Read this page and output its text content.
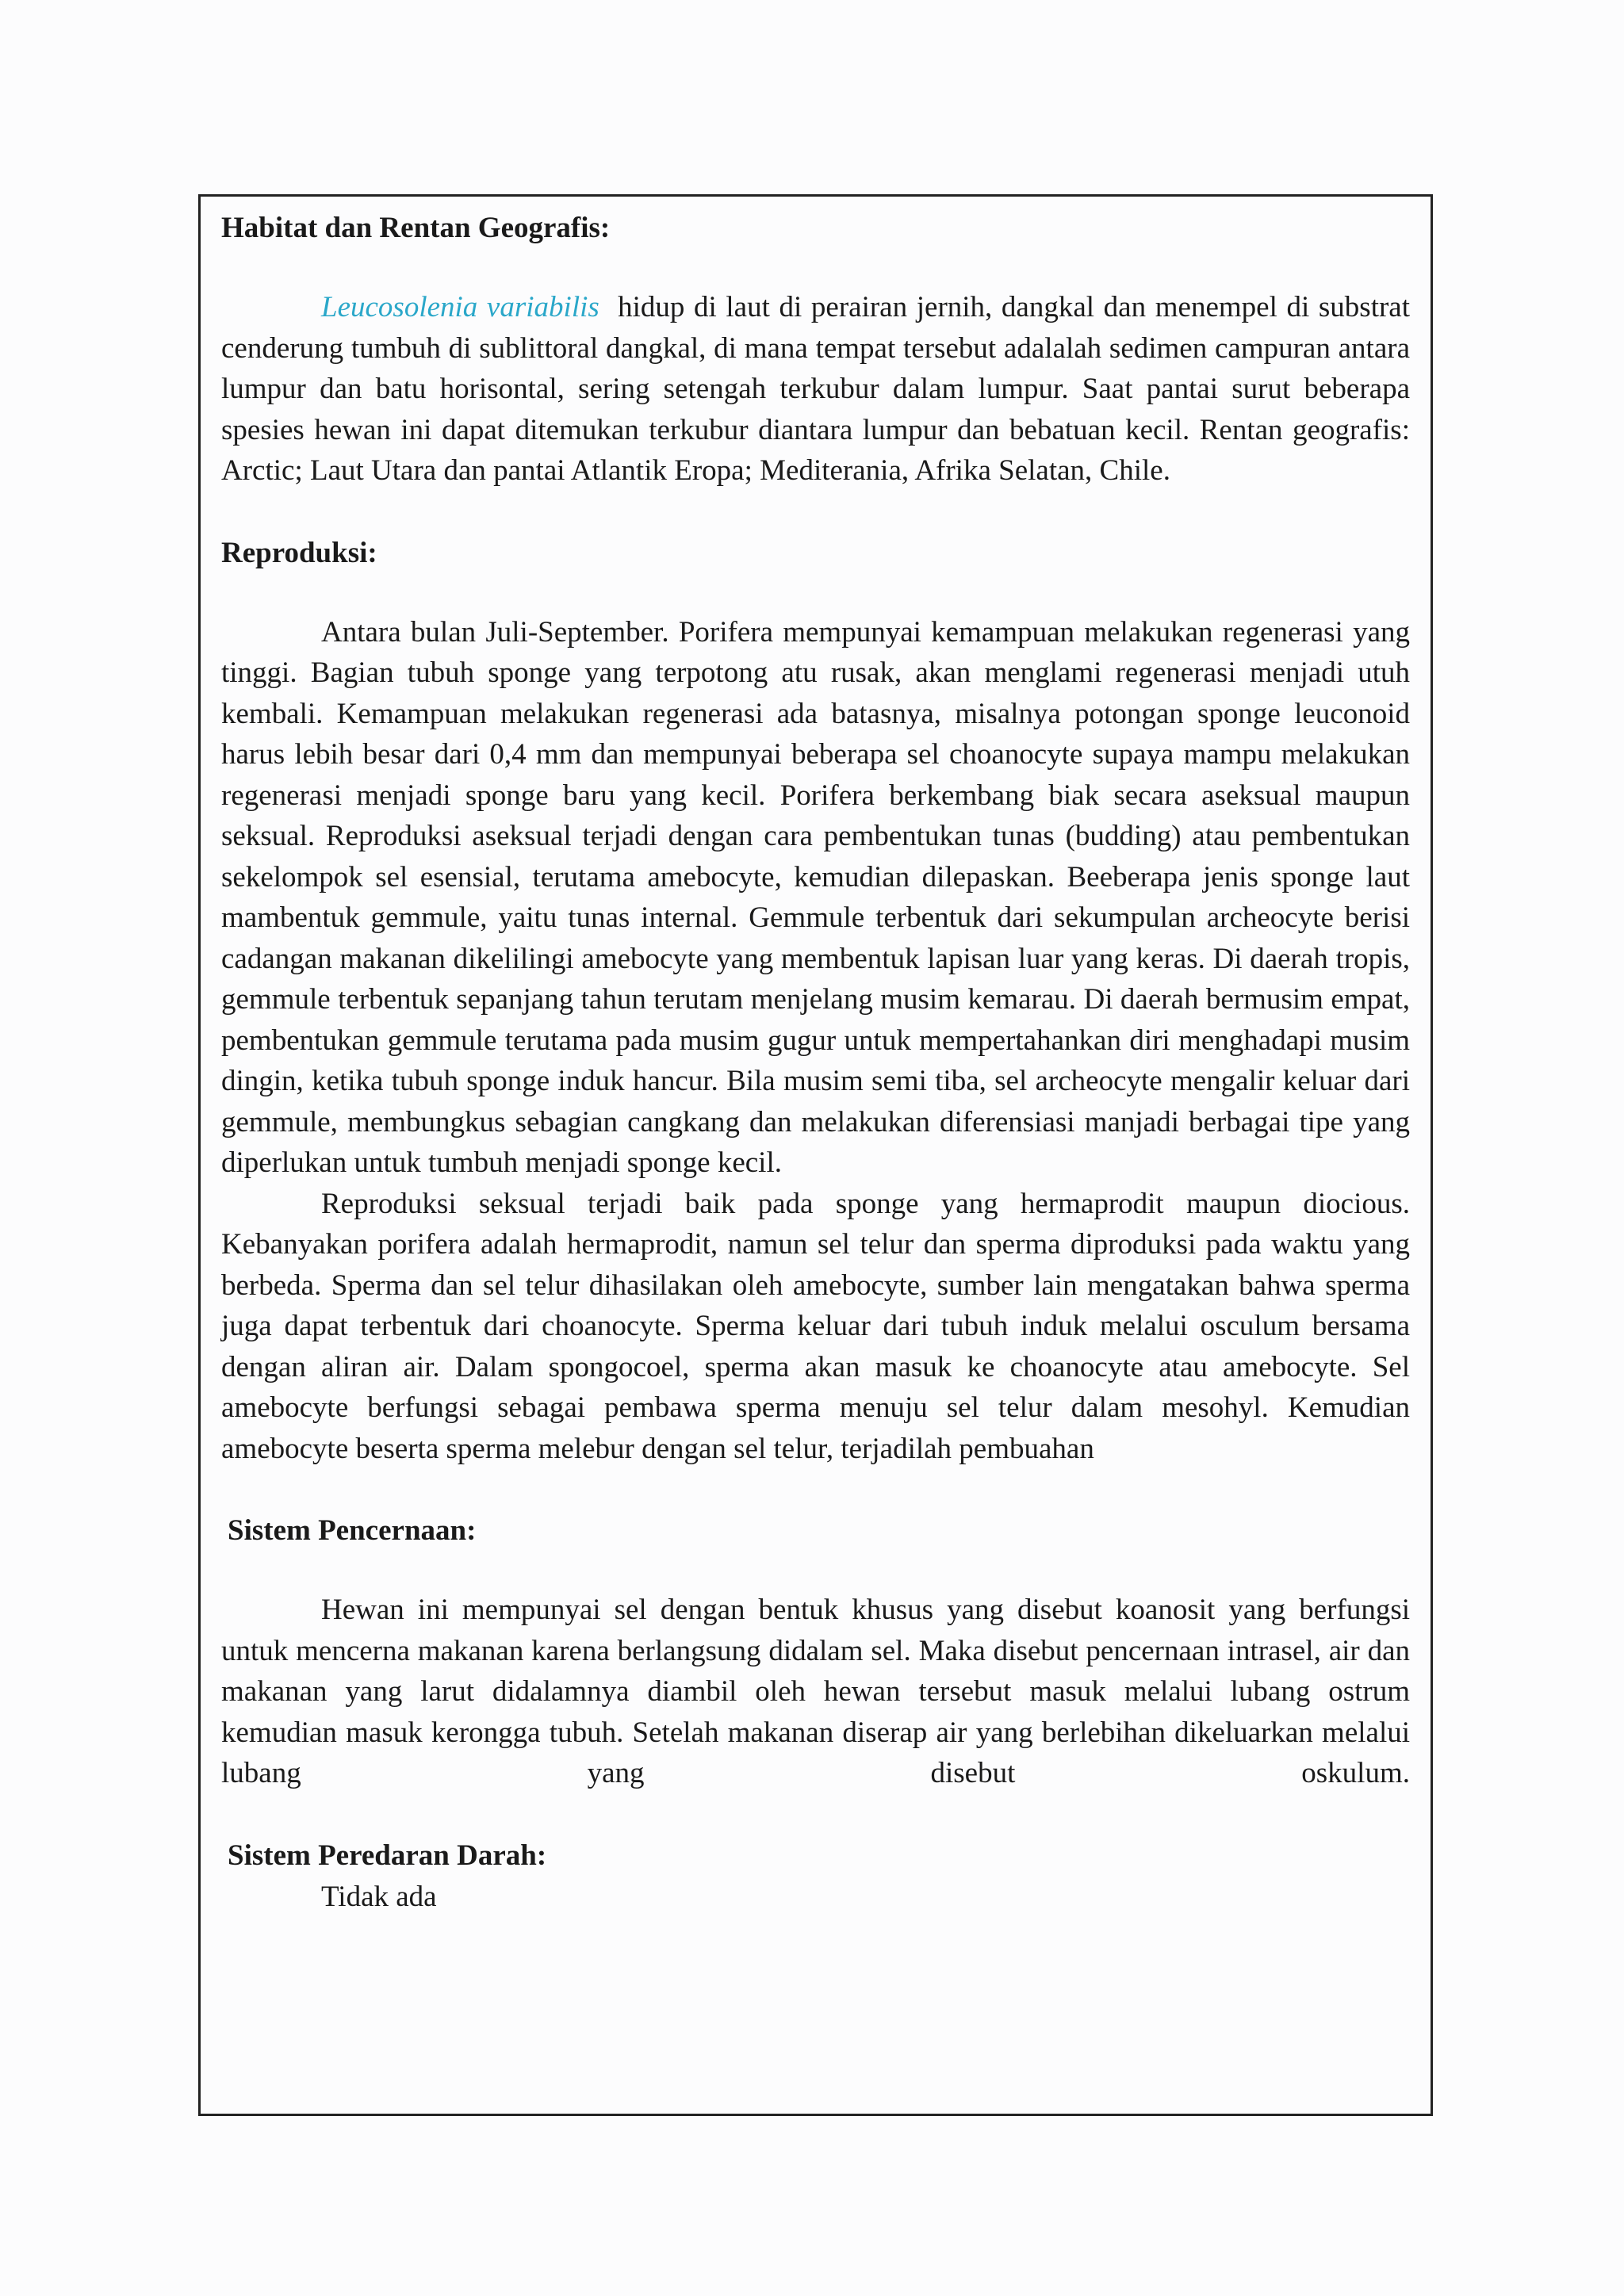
Habitat dan Rentan Geografis:

Leucosolenia variabilis hidup di laut di perairan jernih, dangkal dan menempel di substrat cenderung tumbuh di sublittoral dangkal, di mana tempat tersebut adalalah sedimen campuran antara lumpur dan batu horisontal, sering setengah terkubur dalam lumpur. Saat pantai surut beberapa spesies hewan ini dapat ditemukan terkubur diantara lumpur dan bebatuan kecil. Rentan geografis: Arctic; Laut Utara dan pantai Atlantik Eropa; Mediterania, Afrika Selatan, Chile.

Reproduksi:

Antara bulan Juli-September. Porifera mempunyai kemampuan melakukan regenerasi yang tinggi. Bagian tubuh sponge yang terpotong atu rusak, akan menglami regenerasi menjadi utuh kembali. Kemampuan melakukan regenerasi ada batasnya, misalnya potongan sponge leuconoid harus lebih besar dari 0,4 mm dan mempunyai beberapa sel choanocyte supaya mampu melakukan regenerasi menjadi sponge baru yang kecil. Porifera berkembang biak secara aseksual maupun seksual. Reproduksi aseksual terjadi dengan cara pembentukan tunas (budding) atau pembentukan sekelompok sel esensial, terutama amebocyte, kemudian dilepaskan. Beeberapa jenis sponge laut mambentuk gemmule, yaitu tunas internal. Gemmule terbentuk dari sekumpulan archeocyte berisi cadangan makanan dikelilingi amebocyte yang membentuk lapisan luar yang keras. Di daerah tropis, gemmule terbentuk sepanjang tahun terutam menjelang musim kemarau. Di daerah bermusim empat, pembentukan gemmule terutama pada musim gugur untuk mempertahankan diri menghadapi musim dingin, ketika tubuh sponge induk hancur. Bila musim semi tiba, sel archeocyte mengalir keluar dari gemmule, membungkus sebagian cangkang dan melakukan diferensiasi manjadi berbagai tipe yang diperlukan untuk tumbuh menjadi sponge kecil.

Reproduksi seksual terjadi baik pada sponge yang hermaprodit maupun diocious. Kebanyakan porifera adalah hermaprodit, namun sel telur dan sperma diproduksi pada waktu yang berbeda. Sperma dan sel telur dihasilakan oleh amebocyte, sumber lain mengatakan bahwa sperma juga dapat terbentuk dari choanocyte. Sperma keluar dari tubuh induk melalui osculum bersama dengan aliran air. Dalam spongocoel, sperma akan masuk ke choanocyte atau amebocyte. Sel amebocyte berfungsi sebagai pembawa sperma menuju sel telur dalam mesohyl. Kemudian amebocyte beserta sperma melebur dengan sel telur, terjadilah pembuahan

Sistem Pencernaan:

Hewan ini mempunyai sel dengan bentuk khusus yang disebut koanosit yang berfungsi untuk mencerna makanan karena berlangsung didalam sel. Maka disebut pencernaan intrasel, air dan makanan yang larut didalamnya diambil oleh hewan tersebut masuk melalui lubang ostrum kemudian masuk kerongga tubuh. Setelah makanan diserap air yang berlebihan dikeluarkan melalui lubang yang disebut oskulum.

Sistem Peredaran Darah:

Tidak ada
